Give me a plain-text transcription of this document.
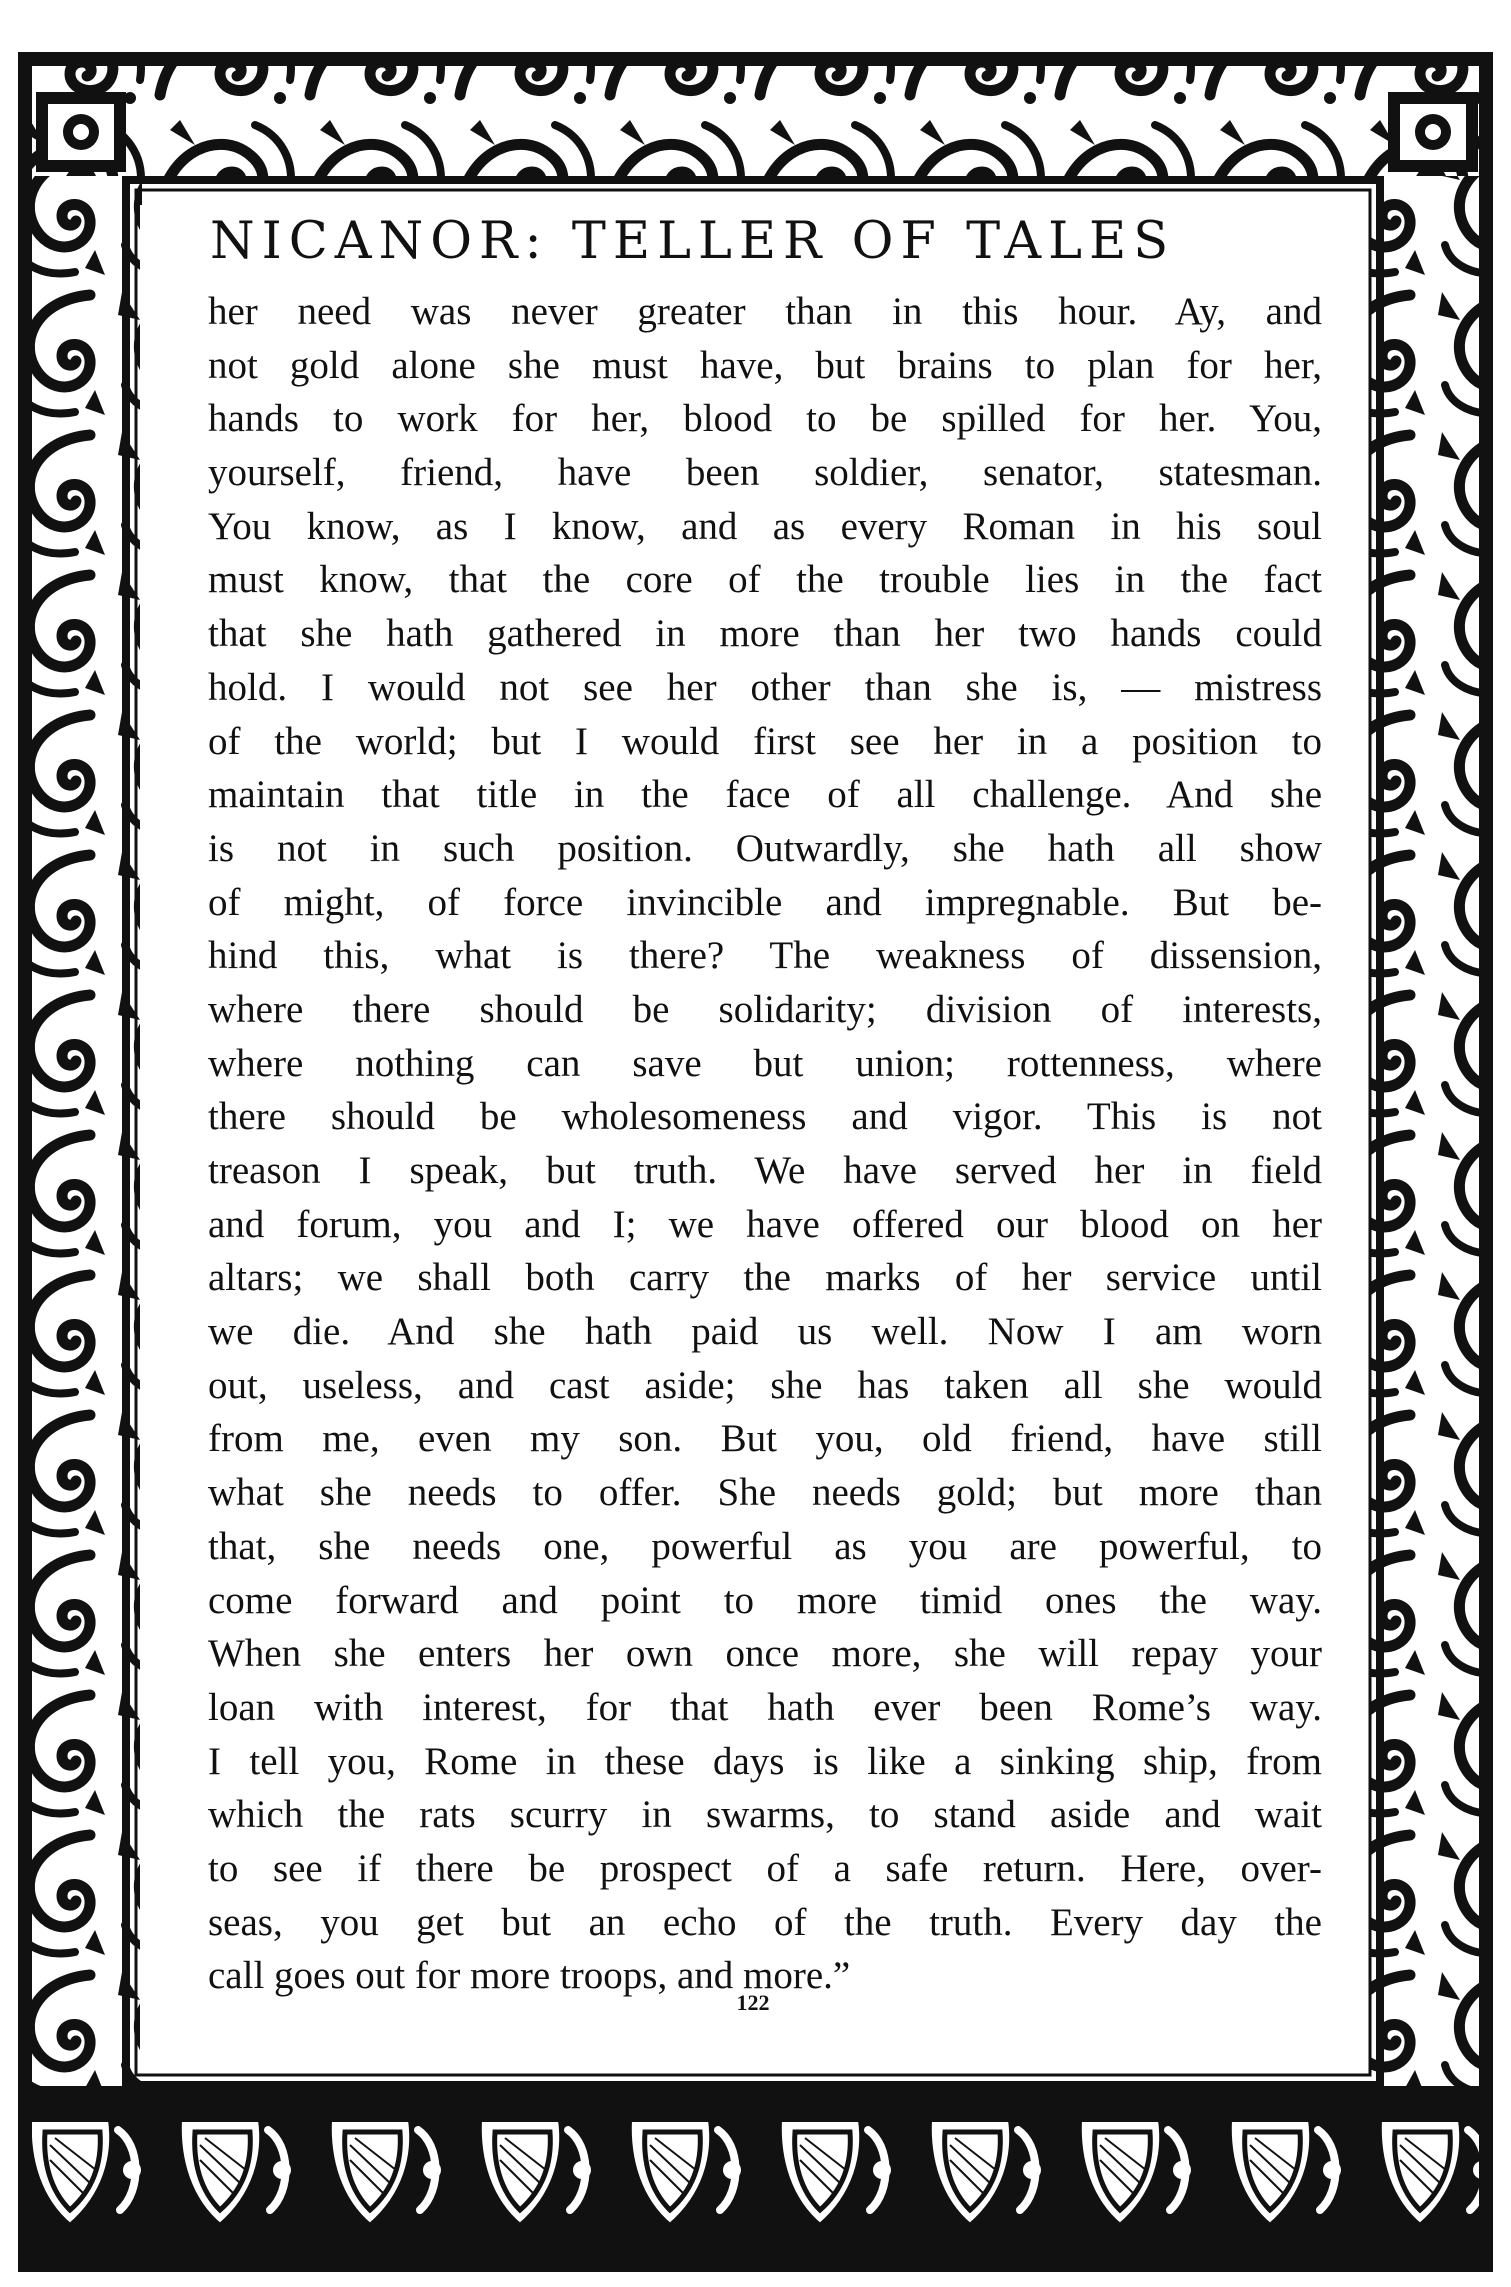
NICANOR: TELLER OF TALES
her need was never greater than in this hour. Ay, and
not gold alone she must have, but brains to plan for her,
hands to work for her, blood to be spilled for her. You,
yourself, friend, have been soldier, senator, statesman.
You know, as I know, and as every Roman in his soul
must know, that the core of the trouble lies in the fact
that she hath gathered in more than her two hands could
hold. I would not see her other than she is, — mistress
of the world; but I would first see her in a position to
maintain that title in the face of all challenge. And she
is not in such position. Outwardly, she hath all show
of might, of force invincible and impregnable. But be-
hind this, what is there? The weakness of dissension,
where there should be solidarity; division of interests,
where nothing can save but union; rottenness, where
there should be wholesomeness and vigor. This is not
treason I speak, but truth. We have served her in field
and forum, you and I; we have offered our blood on her
altars; we shall both carry the marks of her service until
we die. And she hath paid us well. Now I am worn
out, useless, and cast aside; she has taken all she would
from me, even my son. But you, old friend, have still
what she needs to offer. She needs gold; but more than
that, she needs one, powerful as you are powerful, to
come forward and point to more timid ones the way.
When she enters her own once more, she will repay your
loan with interest, for that hath ever been Rome’s way.
I tell you, Rome in these days is like a sinking ship, from
which the rats scurry in swarms, to stand aside and wait
to see if there be prospect of a safe return. Here, over-
seas, you get but an echo of the truth. Every day the
call goes out for more troops, and more.”
122
